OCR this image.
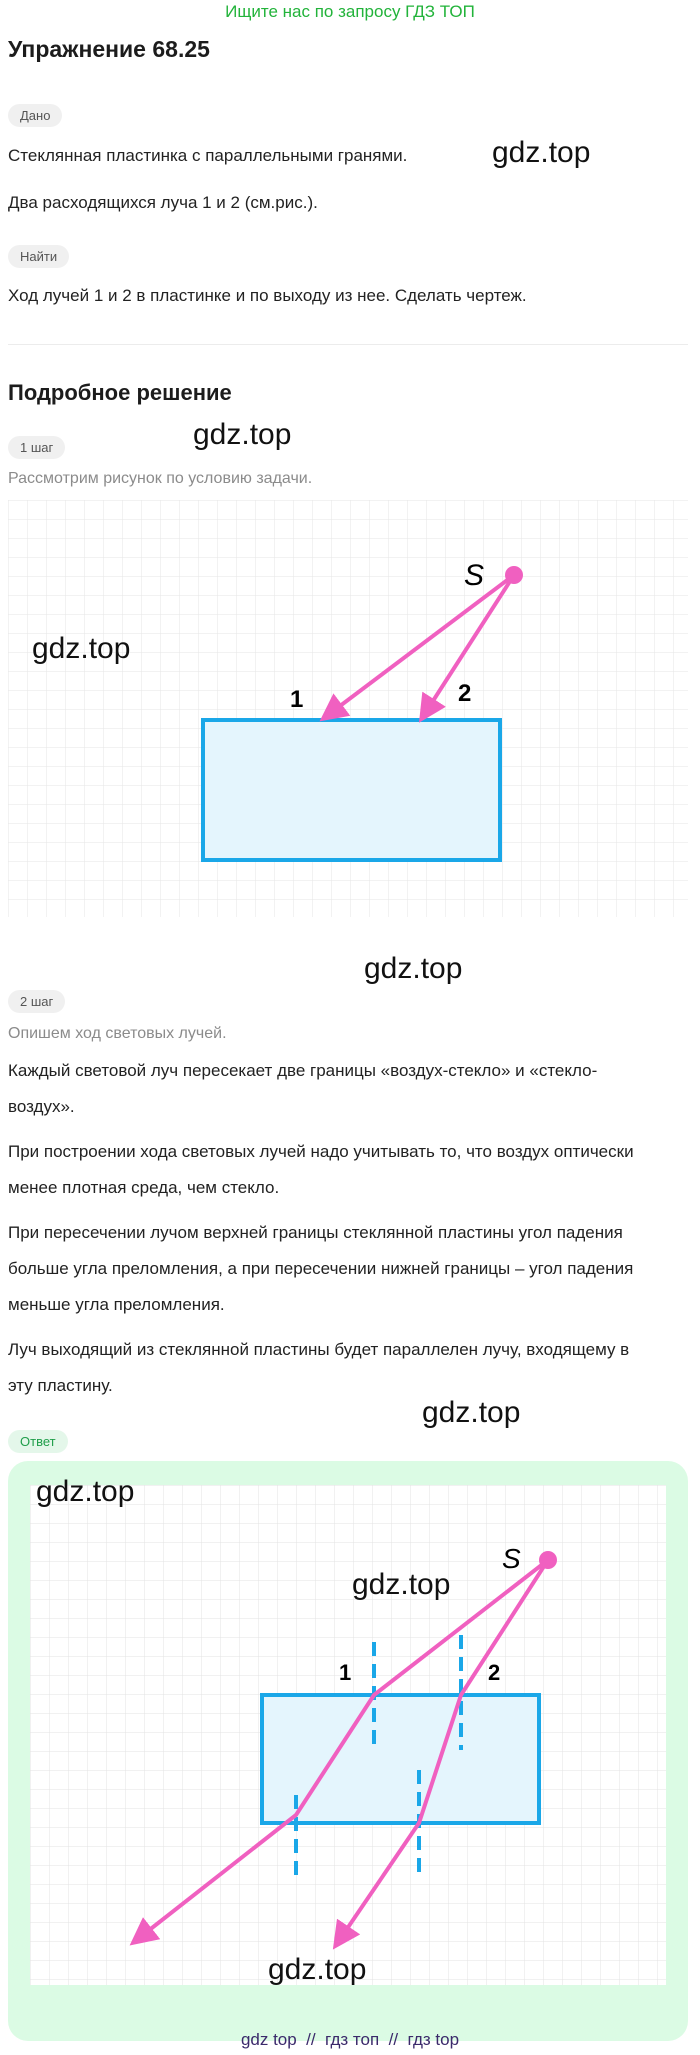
Ищите нас по запросу ГДЗ ТОП
Упражнение 68.25
Дано
Стеклянная пластинка с параллельными гранями.	gdz.top
Два расходящихся луча 1 и 2 (см.рис.).
Найти
Ход лучей 1 и 2 в пластинке и по выходу из нее. Сделать чертеж.
Подробное решение
1 шаг	gdz.top
Рассмотрим рисунок по условию задачи.
S
1	2
gdz.top
gdz.top
2 шаг
Опишем ход световых лучей.
Каждый световой луч пересекает две границы «воздух-стекло» и «стекло-
воздух».
При построении хода световых лучей надо учитывать то, что воздух оптически
менее плотная среда, чем стекло.
При пересечении лучом верхней границы стеклянной пластины угол падения
больше угла преломления, а при пересечении нижней границы – угол падения
меньше угла преломления.
Луч выходящий из стеклянной пластины будет параллелен лучу, входящему в
эту пластину.
gdz.top
Ответ
S
1	2
gdz.top
gdz.top
gdz.top
gdz top  //  гдз топ  //  гдз top
